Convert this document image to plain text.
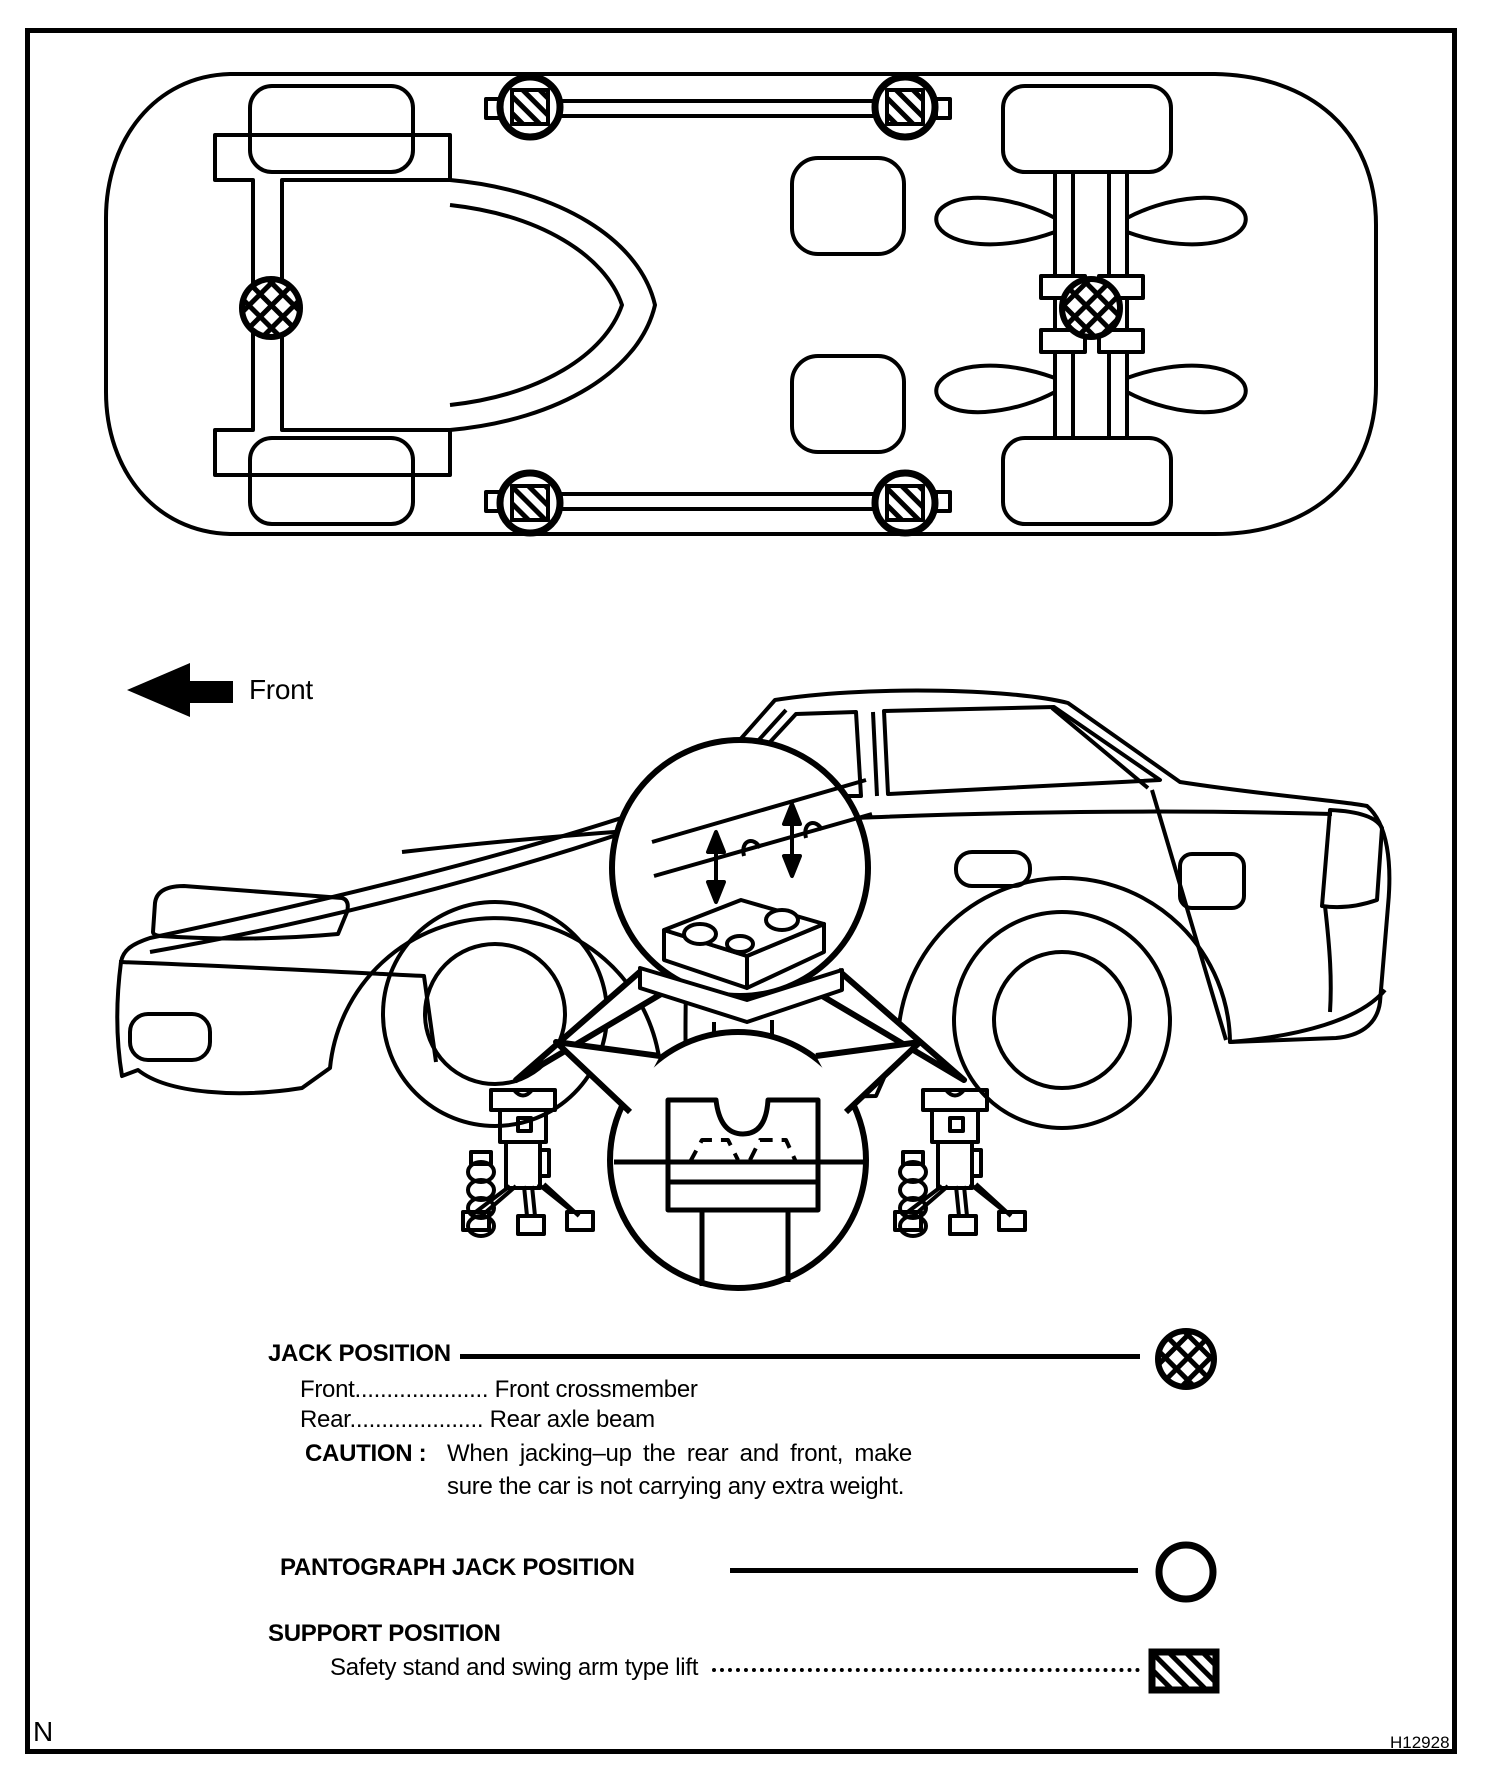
Front
JACK POSITION
Front..................... Front crossmember
Rear..................... Rear axle beam
CAUTION : When jacking–up the rear and front, make
sure the car is not carrying any extra weight.
PANTOGRAPH JACK POSITION
SUPPORT POSITION
Safety stand and swing arm type lift
N	H12928
